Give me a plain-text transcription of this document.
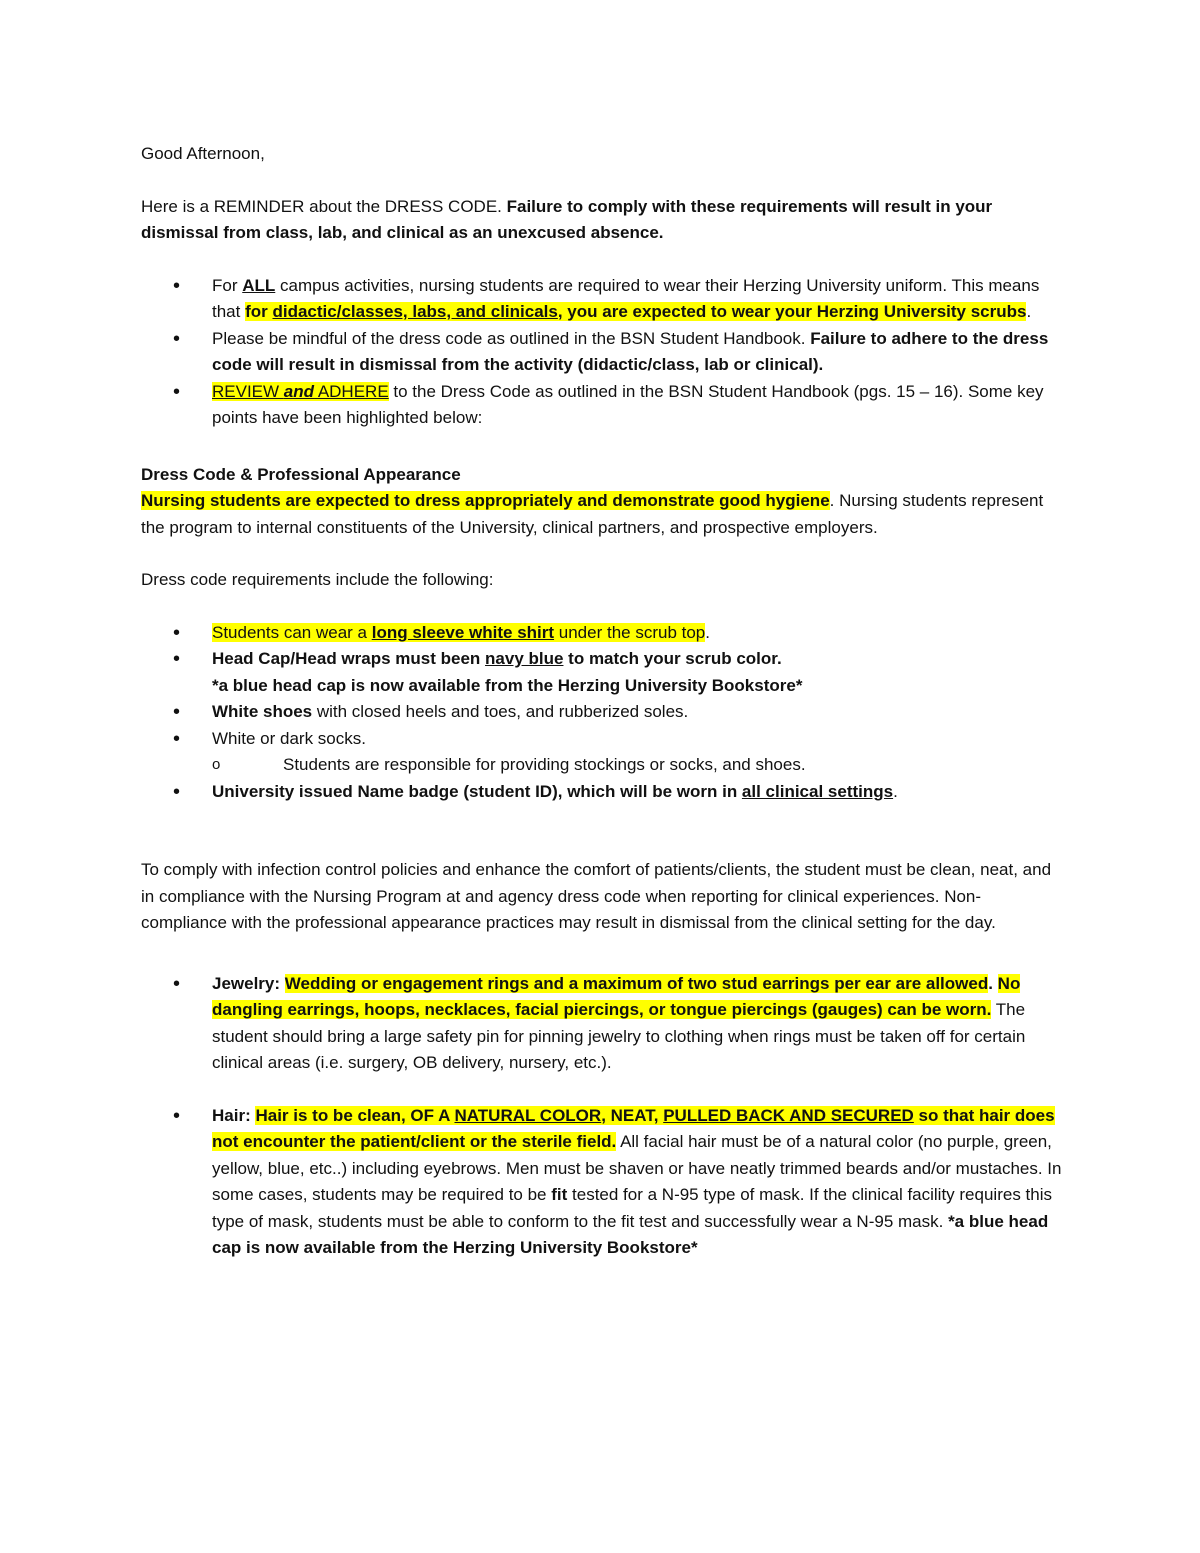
Good Afternoon,

Here is a REMINDER about the DRESS CODE. Failure to comply with these requirements will result in your dismissal from class, lab, and clinical as an unexcused absence.

• For ALL campus activities, nursing students are required to wear their Herzing University uniform. This means that for didactic/classes, labs, and clinicals, you are expected to wear your Herzing University scrubs.
• Please be mindful of the dress code as outlined in the BSN Student Handbook. Failure to adhere to the dress code will result in dismissal from the activity (didactic/class, lab or clinical).
• REVIEW and ADHERE to the Dress Code as outlined in the BSN Student Handbook (pgs. 15 – 16). Some key points have been highlighted below:

Dress Code & Professional Appearance

Nursing students are expected to dress appropriately and demonstrate good hygiene. Nursing students represent the program to internal constituents of the University, clinical partners, and prospective employers.

Dress code requirements include the following:

• Students can wear a long sleeve white shirt under the scrub top.
• Head Cap/Head wraps must been navy blue to match your scrub color.
*a blue head cap is now available from the Herzing University Bookstore*
• White shoes with closed heels and toes, and rubberized soles.
• White or dark socks.
o Students are responsible for providing stockings or socks, and shoes.
• University issued Name badge (student ID), which will be worn in all clinical settings.

To comply with infection control policies and enhance the comfort of patients/clients, the student must be clean, neat, and in compliance with the Nursing Program at and agency dress code when reporting for clinical experiences. Non-compliance with the professional appearance practices may result in dismissal from the clinical setting for the day.

• Jewelry: Wedding or engagement rings and a maximum of two stud earrings per ear are allowed. No dangling earrings, hoops, necklaces, facial piercings, or tongue piercings (gauges) can be worn. The student should bring a large safety pin for pinning jewelry to clothing when rings must be taken off for certain clinical areas (i.e. surgery, OB delivery, nursery, etc.).
• Hair: Hair is to be clean, OF A NATURAL COLOR, NEAT, PULLED BACK AND SECURED so that hair does not encounter the patient/client or the sterile field. All facial hair must be of a natural color (no purple, green, yellow, blue, etc..) including eyebrows. Men must be shaven or have neatly trimmed beards and/or mustaches. In some cases, students may be required to be fit tested for a N-95 type of mask. If the clinical facility requires this type of mask, students must be able to conform to the fit test and successfully wear a N-95 mask. *a blue head cap is now available from the Herzing University Bookstore*
